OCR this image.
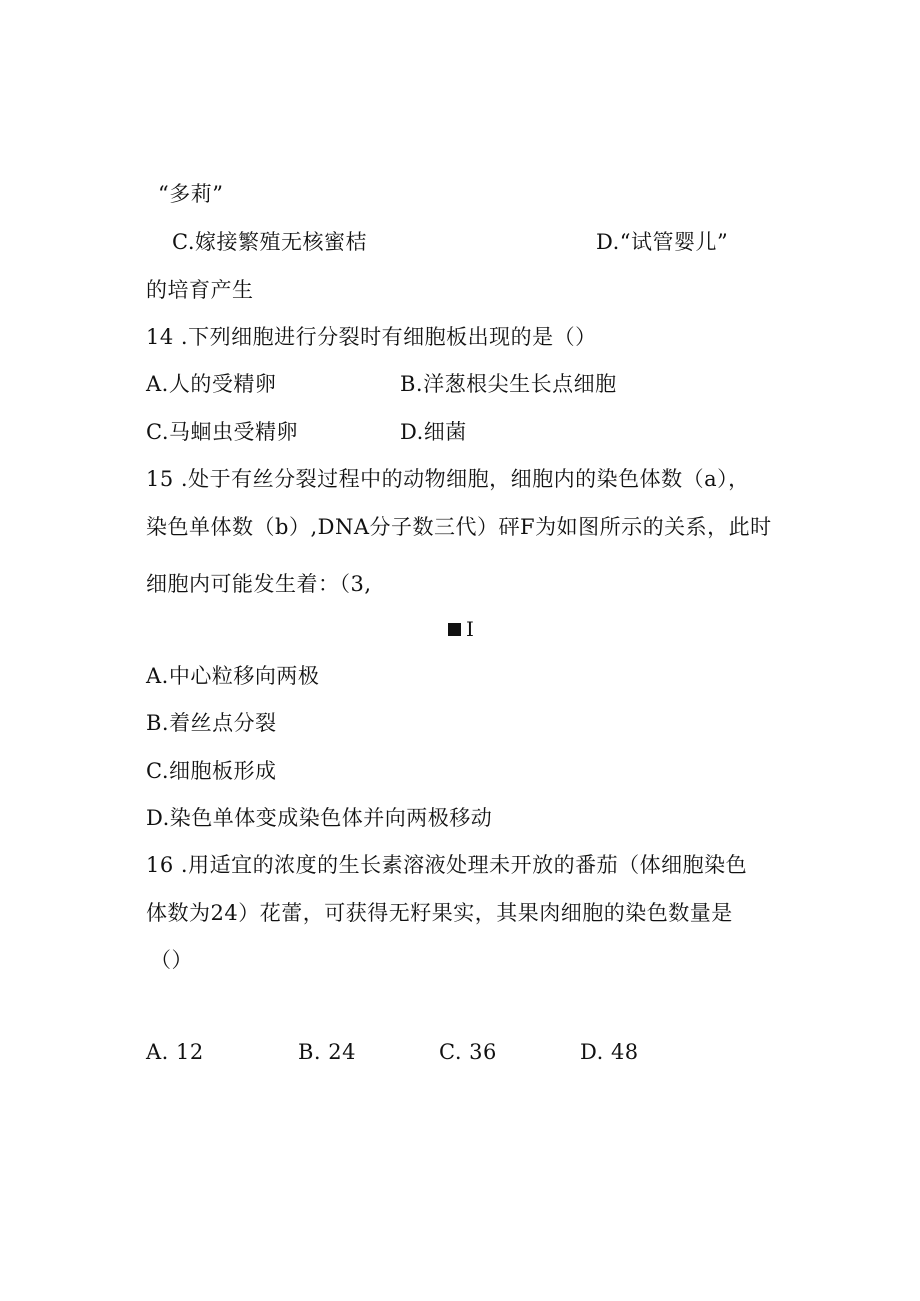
“多莉”
C.嫁接繁殖无核蜜桔	D.“试管婴儿”
的培育产生
14 .下列细胞进行分裂时有细胞板出现的是（）
A.人的受精卵	B.洋葱根尖生长点细胞
C.马蛔虫受精卵	D.细菌
15 .处于有丝分裂过程中的动物细胞，细胞内的染色体数（a），
染色单体数（b）,DNA分子数三代）砰F为如图所示的关系，此时
细胞内可能发生着：（3,
I
A.中心粒移向两极
B.着丝点分裂
C.细胞板形成
D.染色单体变成染色体并向两极移动
16 .用适宜的浓度的生长素溶液处理未开放的番茄（体细胞染色
体数为24）花蕾，可获得无籽果实，其果肉细胞的染色数量是
（）
A. 12	B. 24	C. 36	D. 48
